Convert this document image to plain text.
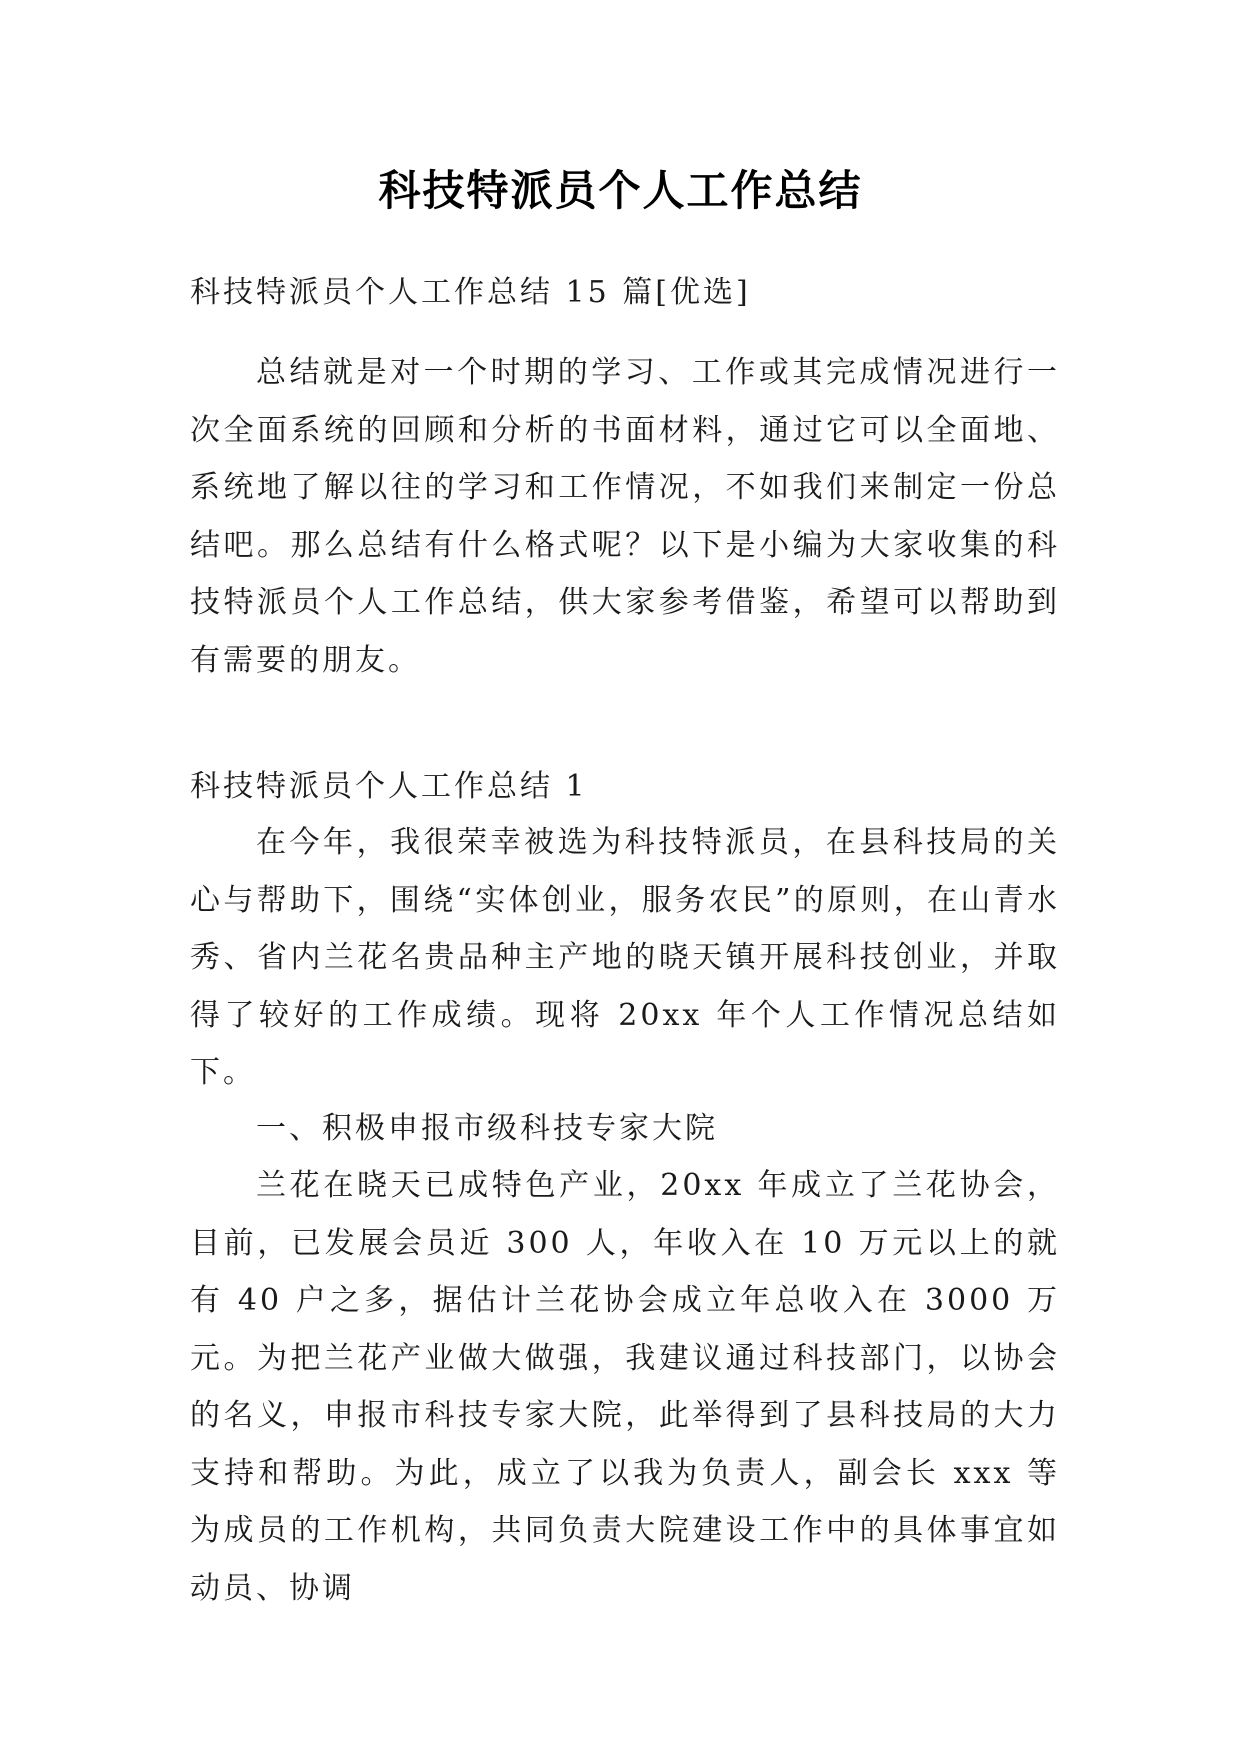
科技特派员个人工作总结

科技特派员个人工作总结 15 篇[优选]

总结就是对一个时期的学习、工作或其完成情况进行一次全面系统的回顾和分析的书面材料，通过它可以全面地、系统地了解以往的学习和工作情况，不如我们来制定一份总结吧。那么总结有什么格式呢？以下是小编为大家收集的科技特派员个人工作总结，供大家参考借鉴，希望可以帮助到有需要的朋友。

科技特派员个人工作总结 1

在今年，我很荣幸被选为科技特派员，在县科技局的关心与帮助下，围绕“实体创业，服务农民”的原则，在山青水秀、省内兰花名贵品种主产地的晓天镇开展科技创业，并取得了较好的工作成绩。现将 20xx 年个人工作情况总结如下。

一、积极申报市级科技专家大院

兰花在晓天已成特色产业，20xx 年成立了兰花协会，目前，已发展会员近 300 人，年收入在 10 万元以上的就有 40 户之多，据估计兰花协会成立年总收入在 3000 万元。为把兰花产业做大做强，我建议通过科技部门，以协会的名义，申报市科技专家大院，此举得到了县科技局的大力支持和帮助。为此，成立了以我为负责人，副会长 xxx 等为成员的工作机构，共同负责大院建设工作中的具体事宜如动员、协调
